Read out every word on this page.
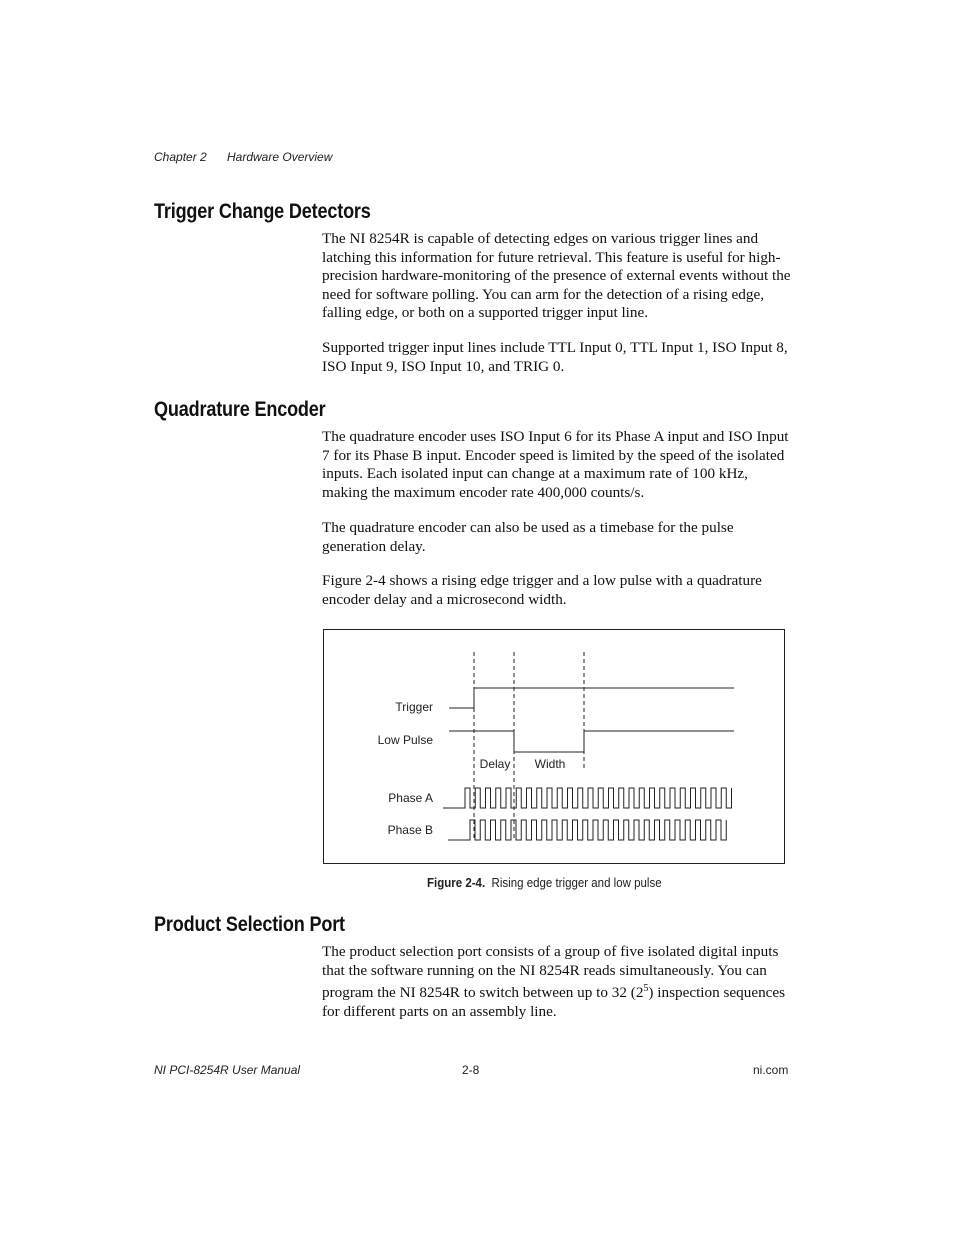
Chapter 2 Hardware Overview
Trigger Change Detectors

The NI 8254R is capable of detecting edges on various trigger lines and latching this information for future retrieval. This feature is useful for high-precision hardware-monitoring of the presence of external events without the need for software polling. You can arm for the detection of a rising edge, falling edge, or both on a supported trigger input line.

Supported trigger input lines include TTL Input 0, TTL Input 1, ISO Input 8, ISO Input 9, ISO Input 10, and TRIG 0.

Quadrature Encoder

The quadrature encoder uses ISO Input 6 for its Phase A input and ISO Input 7 for its Phase B input. Encoder speed is limited by the speed of the isolated inputs. Each isolated input can change at a maximum rate of 100 kHz, making the maximum encoder rate 400,000 counts/s.

The quadrature encoder can also be used as a timebase for the pulse generation delay.

Figure 2-4 shows a rising edge trigger and a low pulse with a quadrature encoder delay and a microsecond width.

Trigger
Low Pulse
Delay Width
Phase A
Phase B
Figure 2-4. Rising edge trigger and low pulse
Product Selection Port

The product selection port consists of a group of five isolated digital inputs that the software running on the NI 8254R reads simultaneously. You can program the NI 8254R to switch between up to 32 $(2^5)$ inspection sequences for different parts on an assembly line.

NI PCI-8254R User Manual	2-8	ni.com
